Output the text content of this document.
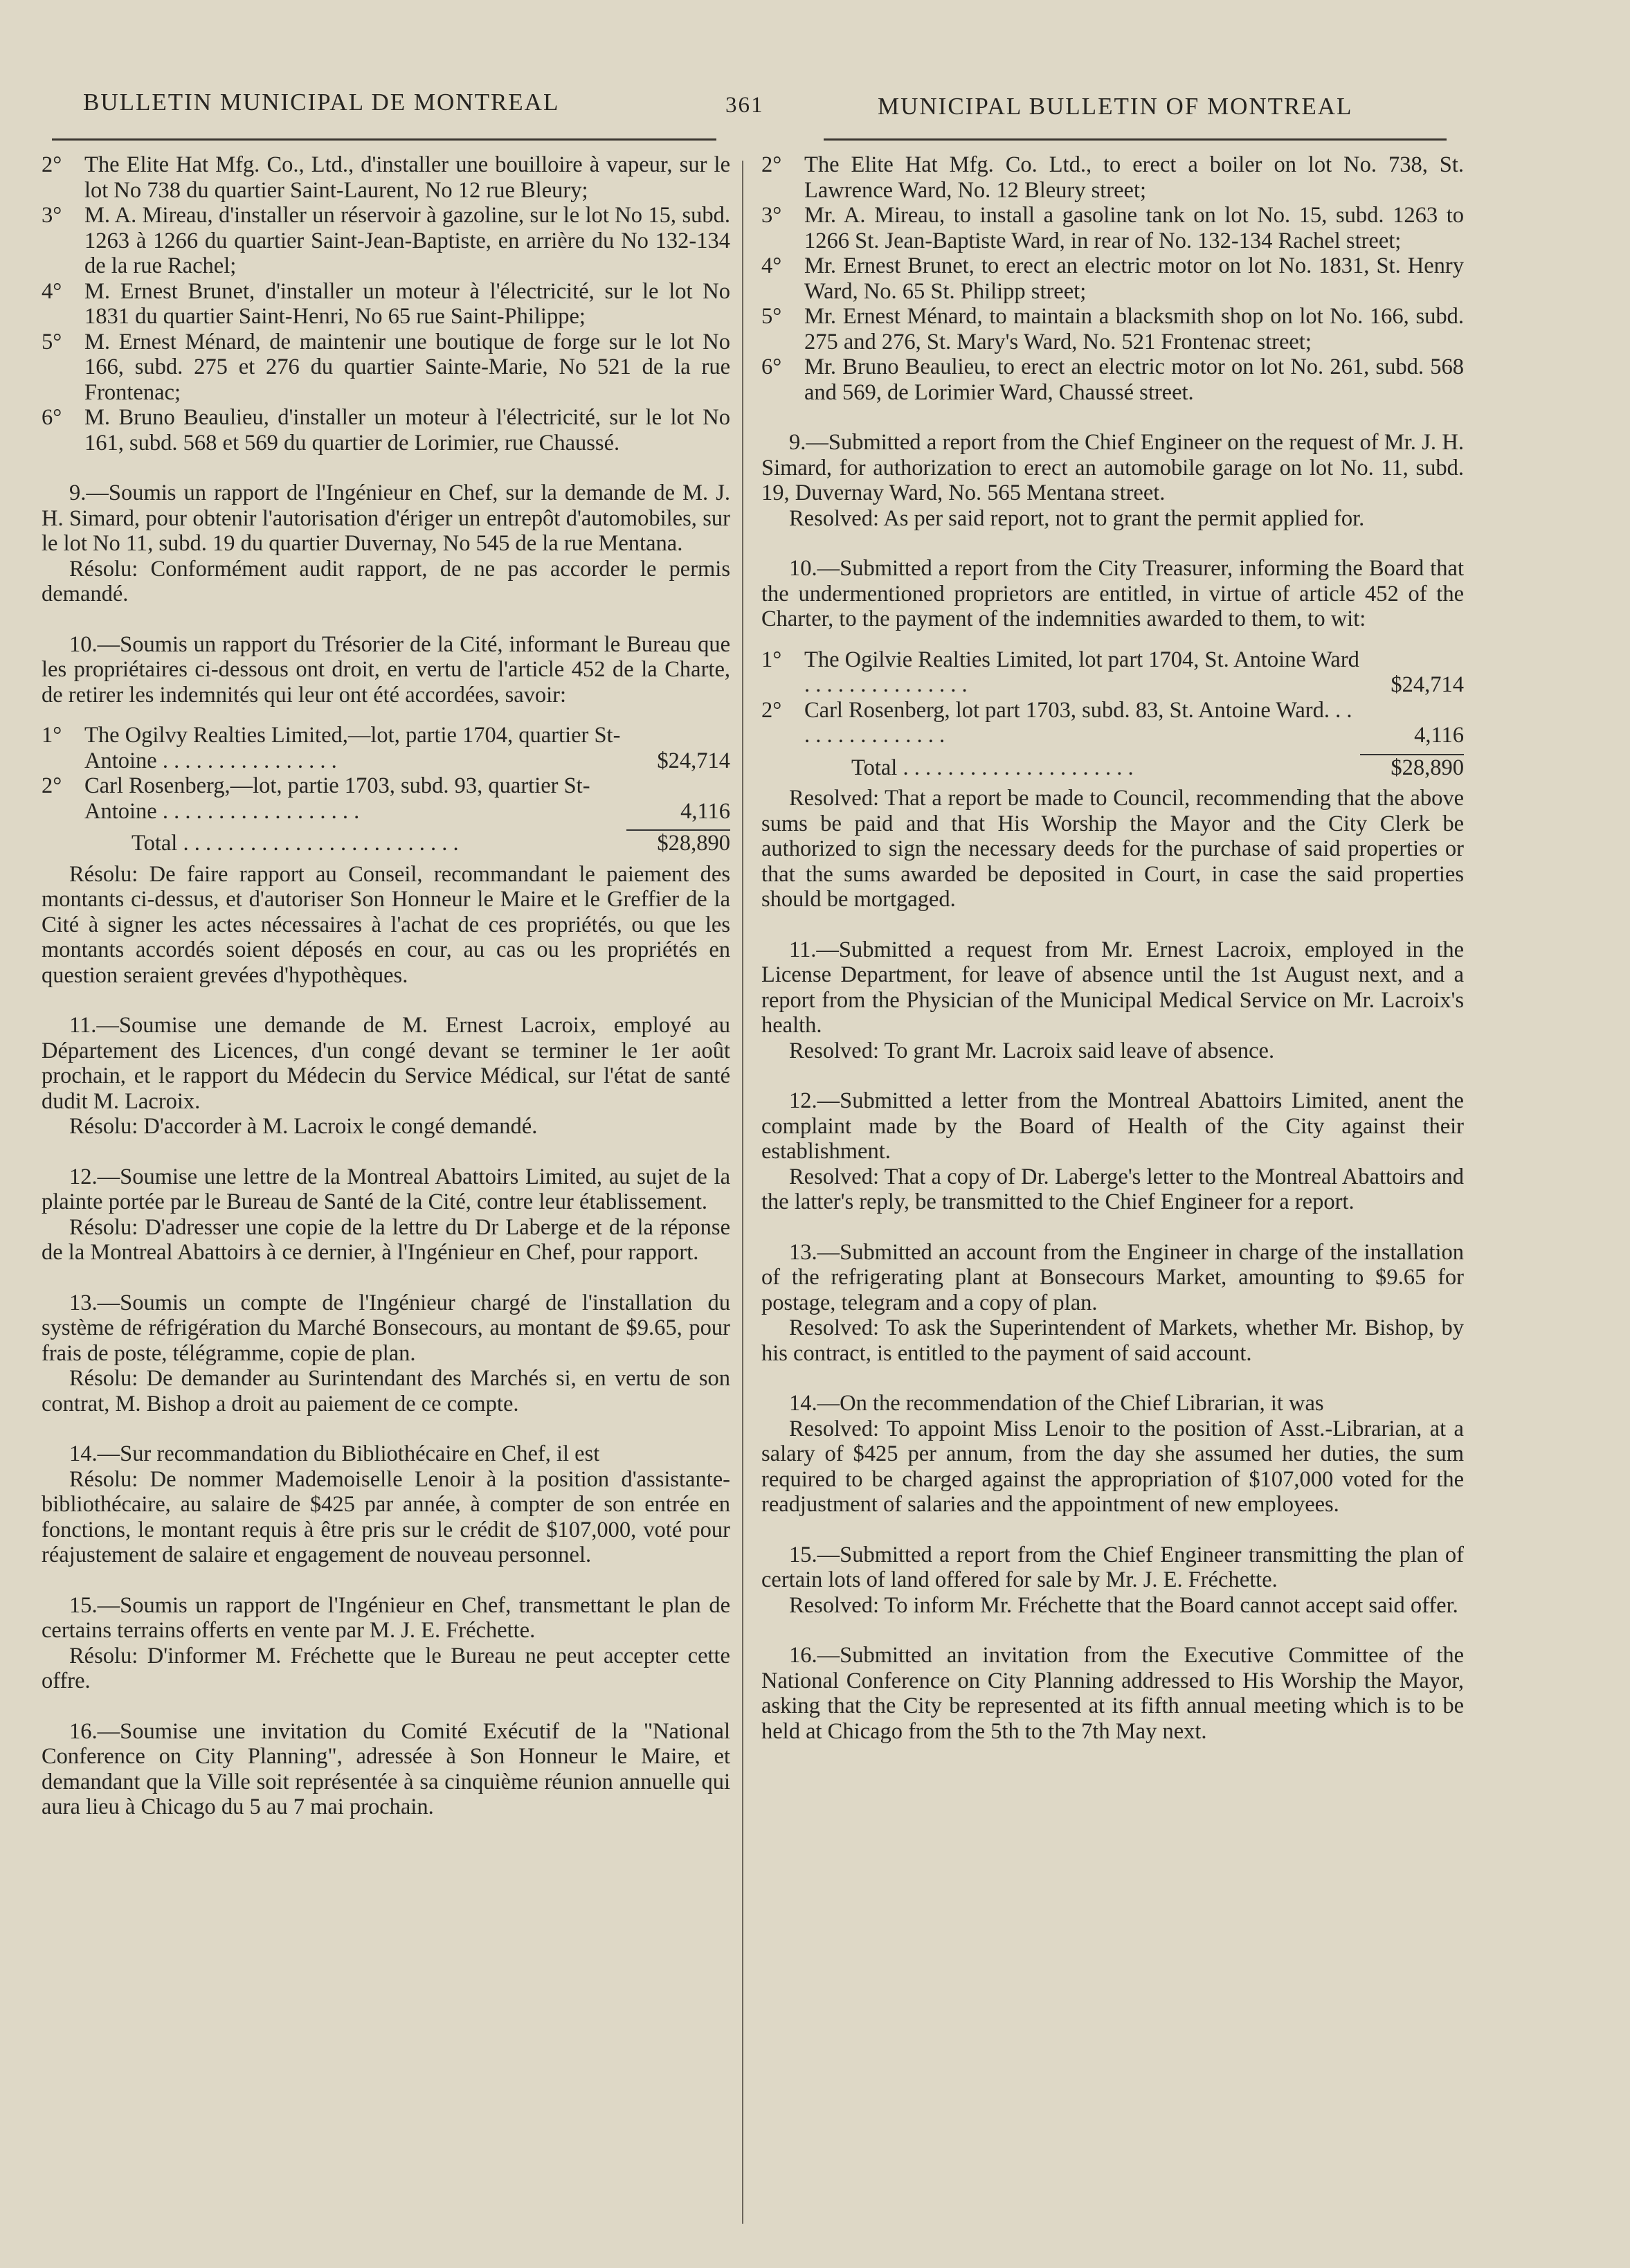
BULLETIN MUNICIPAL DE MONTREAL	361	MUNICIPAL BULLETIN OF MONTREAL
2°	The Elite Hat Mfg. Co., Ltd., d'installer une bouilloire à vapeur, sur le lot No 738 du quartier Saint-Laurent, No 12 rue Bleury;
3°	M. A. Mireau, d'installer un réservoir à gazoline, sur le lot No 15, subd. 1263 à 1266 du quartier Saint-Jean-Baptiste, en arrière du No 132-134 de la rue Rachel;
4°	M. Ernest Brunet, d'installer un moteur à l'électricité, sur le lot No 1831 du quartier Saint-Henri, No 65 rue Saint-Philippe;
5°	M. Ernest Ménard, de maintenir une boutique de forge sur le lot No 166, subd. 275 et 276 du quartier Sainte-Marie, No 521 de la rue Frontenac;
6°	M. Bruno Beaulieu, d'installer un moteur à l'électricité, sur le lot No 161, subd. 568 et 569 du quartier de Lorimier, rue Chaussé.

9.—Soumis un rapport de l'Ingénieur en Chef, sur la demande de M. J. H. Simard, pour obtenir l'autorisation d'ériger un entrepôt d'automobiles, sur le lot No 11, subd. 19 du quartier Duvernay, No 545 de la rue Mentana.

Résolu: Conformément audit rapport, de ne pas accorder le permis demandé.

10.—Soumis un rapport du Trésorier de la Cité, informant le Bureau que les propriétaires ci-dessous ont droit, en vertu de l'article 452 de la Charte, de retirer les indemnités qui leur ont été accordées, savoir:

1°	The Ogilvy Realties Limited,—lot, partie 1704, quartier St-Antoine . . . . . . . . . . . . . . . .	$24,714
2°	Carl Rosenberg,—lot, partie 1703, subd. 93, quartier St-Antoine . . . . . . . . . . . . . . . . . .	4,116
Total . . . . . . . . . . . . . . . . . . . . . . . . .	$28,890

Résolu: De faire rapport au Conseil, recommandant le paiement des montants ci-dessus, et d'autoriser Son Honneur le Maire et le Greffier de la Cité à signer les actes nécessaires à l'achat de ces propriétés, ou que les montants accordés soient déposés en cour, au cas ou les propriétés en question seraient grevées d'hypothèques.

11.—Soumise une demande de M. Ernest Lacroix, employé au Département des Licences, d'un congé devant se terminer le 1er août prochain, et le rapport du Médecin du Service Médical, sur l'état de santé dudit M. Lacroix.

Résolu: D'accorder à M. Lacroix le congé demandé.

12.—Soumise une lettre de la Montreal Abattoirs Limited, au sujet de la plainte portée par le Bureau de Santé de la Cité, contre leur établissement.

Résolu: D'adresser une copie de la lettre du Dr Laberge et de la réponse de la Montreal Abattoirs à ce dernier, à l'Ingénieur en Chef, pour rapport.

13.—Soumis un compte de l'Ingénieur chargé de l'installation du système de réfrigération du Marché Bonsecours, au montant de $9.65, pour frais de poste, télégramme, copie de plan.

Résolu: De demander au Surintendant des Marchés si, en vertu de son contrat, M. Bishop a droit au paiement de ce compte.

14.—Sur recommandation du Bibliothécaire en Chef, il est

Résolu: De nommer Mademoiselle Lenoir à la position d'assistante-bibliothécaire, au salaire de $425 par année, à compter de son entrée en fonctions, le montant requis à être pris sur le crédit de $107,000, voté pour réajustement de salaire et engagement de nouveau personnel.

15.—Soumis un rapport de l'Ingénieur en Chef, transmettant le plan de certains terrains offerts en vente par M. J. E. Fréchette.

Résolu: D'informer M. Fréchette que le Bureau ne peut accepter cette offre.

16.—Soumise une invitation du Comité Exécutif de la "National Conference on City Planning", adressée à Son Honneur le Maire, et demandant que la Ville soit représentée à sa cinquième réunion annuelle qui aura lieu à Chicago du 5 au 7 mai prochain.

2°	The Elite Hat Mfg. Co. Ltd., to erect a boiler on lot No. 738, St. Lawrence Ward, No. 12 Bleury street;
3°	Mr. A. Mireau, to install a gasoline tank on lot No. 15, subd. 1263 to 1266 St. Jean-Baptiste Ward, in rear of No. 132-134 Rachel street;
4°	Mr. Ernest Brunet, to erect an electric motor on lot No. 1831, St. Henry Ward, No. 65 St. Philipp street;
5°	Mr. Ernest Ménard, to maintain a blacksmith shop on lot No. 166, subd. 275 and 276, St. Mary's Ward, No. 521 Frontenac street;
6°	Mr. Bruno Beaulieu, to erect an electric motor on lot No. 261, subd. 568 and 569, de Lorimier Ward, Chaussé street.

9.—Submitted a report from the Chief Engineer on the request of Mr. J. H. Simard, for authorization to erect an automobile garage on lot No. 11, subd. 19, Duvernay Ward, No. 565 Mentana street.

Resolved: As per said report, not to grant the permit applied for.

10.—Submitted a report from the City Treasurer, informing the Board that the undermentioned proprietors are entitled, in virtue of article 452 of the Charter, to the payment of the indemnities awarded to them, to wit:

1°	The Ogilvie Realties Limited, lot part 1704, St. Antoine Ward . . . . . . . . . . . . . . .	$24,714
2°	Carl Rosenberg, lot part 1703, subd. 83, St. Antoine Ward. . . . . . . . . . . . . . . .	4,116
Total . . . . . . . . . . . . . . . . . . . . .	$28,890

Resolved: That a report be made to Council, recommending that the above sums be paid and that His Worship the Mayor and the City Clerk be authorized to sign the necessary deeds for the purchase of said properties or that the sums awarded be deposited in Court, in case the said properties should be mortgaged.

11.—Submitted a request from Mr. Ernest Lacroix, employed in the License Department, for leave of absence until the 1st August next, and a report from the Physician of the Municipal Medical Service on Mr. Lacroix's health.

Resolved: To grant Mr. Lacroix said leave of absence.

12.—Submitted a letter from the Montreal Abattoirs Limited, anent the complaint made by the Board of Health of the City against their establishment.

Resolved: That a copy of Dr. Laberge's letter to the Montreal Abattoirs and the latter's reply, be transmitted to the Chief Engineer for a report.

13.—Submitted an account from the Engineer in charge of the installation of the refrigerating plant at Bonsecours Market, amounting to $9.65 for postage, telegram and a copy of plan.

Resolved: To ask the Superintendent of Markets, whether Mr. Bishop, by his contract, is entitled to the payment of said account.

14.—On the recommendation of the Chief Librarian, it was

Resolved: To appoint Miss Lenoir to the position of Asst.-Librarian, at a salary of $425 per annum, from the day she assumed her duties, the sum required to be charged against the appropriation of $107,000 voted for the readjustment of salaries and the appointment of new employees.

15.—Submitted a report from the Chief Engineer transmitting the plan of certain lots of land offered for sale by Mr. J. E. Fréchette.

Resolved: To inform Mr. Fréchette that the Board cannot accept said offer.

16.—Submitted an invitation from the Executive Committee of the National Conference on City Planning addressed to His Worship the Mayor, asking that the City be represented at its fifth annual meeting which is to be held at Chicago from the 5th to the 7th May next.
